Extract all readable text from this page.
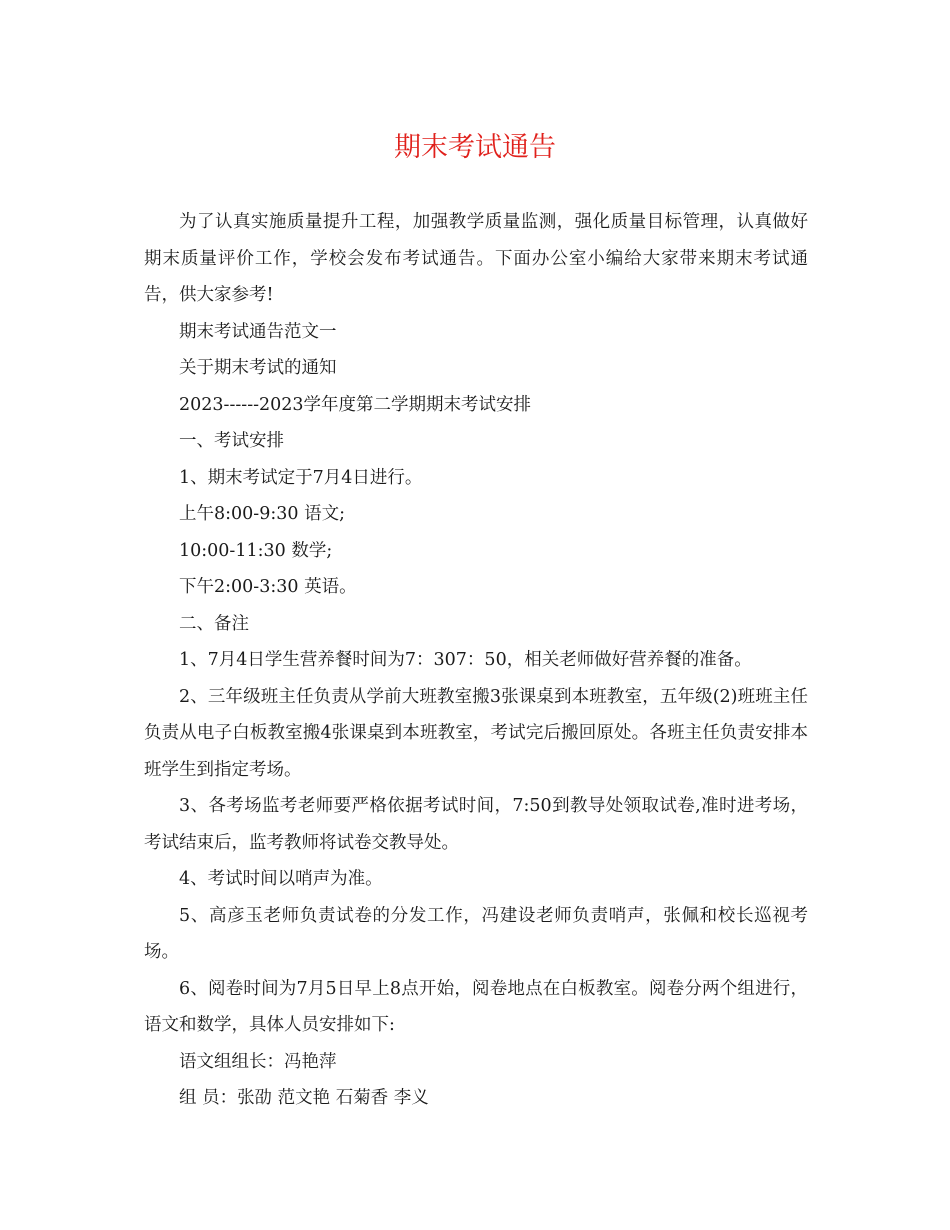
期末考试通告

为了认真实施质量提升工程，加强教学质量监测，强化质量目标管理，认真做好期末质量评价工作，学校会发布考试通告。下面办公室小编给大家带来期末考试通告，供大家参考!

期末考试通告范文一

关于期末考试的通知

2023------2023学年度第二学期期末考试安排

一、考试安排

1、期末考试定于7月4日进行。

上午8:00-9:30 语文;

10:00-11:30 数学;

下午2:00-3:30 英语。

二、备注

1、7月4日学生营养餐时间为7：307：50，相关老师做好营养餐的准备。

2、三年级班主任负责从学前大班教室搬3张课桌到本班教室，五年级(2)班班主任负责从电子白板教室搬4张课桌到本班教室，考试完后搬回原处。各班主任负责安排本班学生到指定考场。

3、各考场监考老师要严格依据考试时间，7:50到教导处领取试卷,准时进考场，考试结束后，监考教师将试卷交教导处。

4、考试时间以哨声为准。

5、高彦玉老师负责试卷的分发工作，冯建设老师负责哨声，张佩和校长巡视考场。

6、阅卷时间为7月5日早上8点开始，阅卷地点在白板教室。阅卷分两个组进行，语文和数学，具体人员安排如下:

语文组组长：冯艳萍

组 员：张劭 范文艳 石菊香 李义
